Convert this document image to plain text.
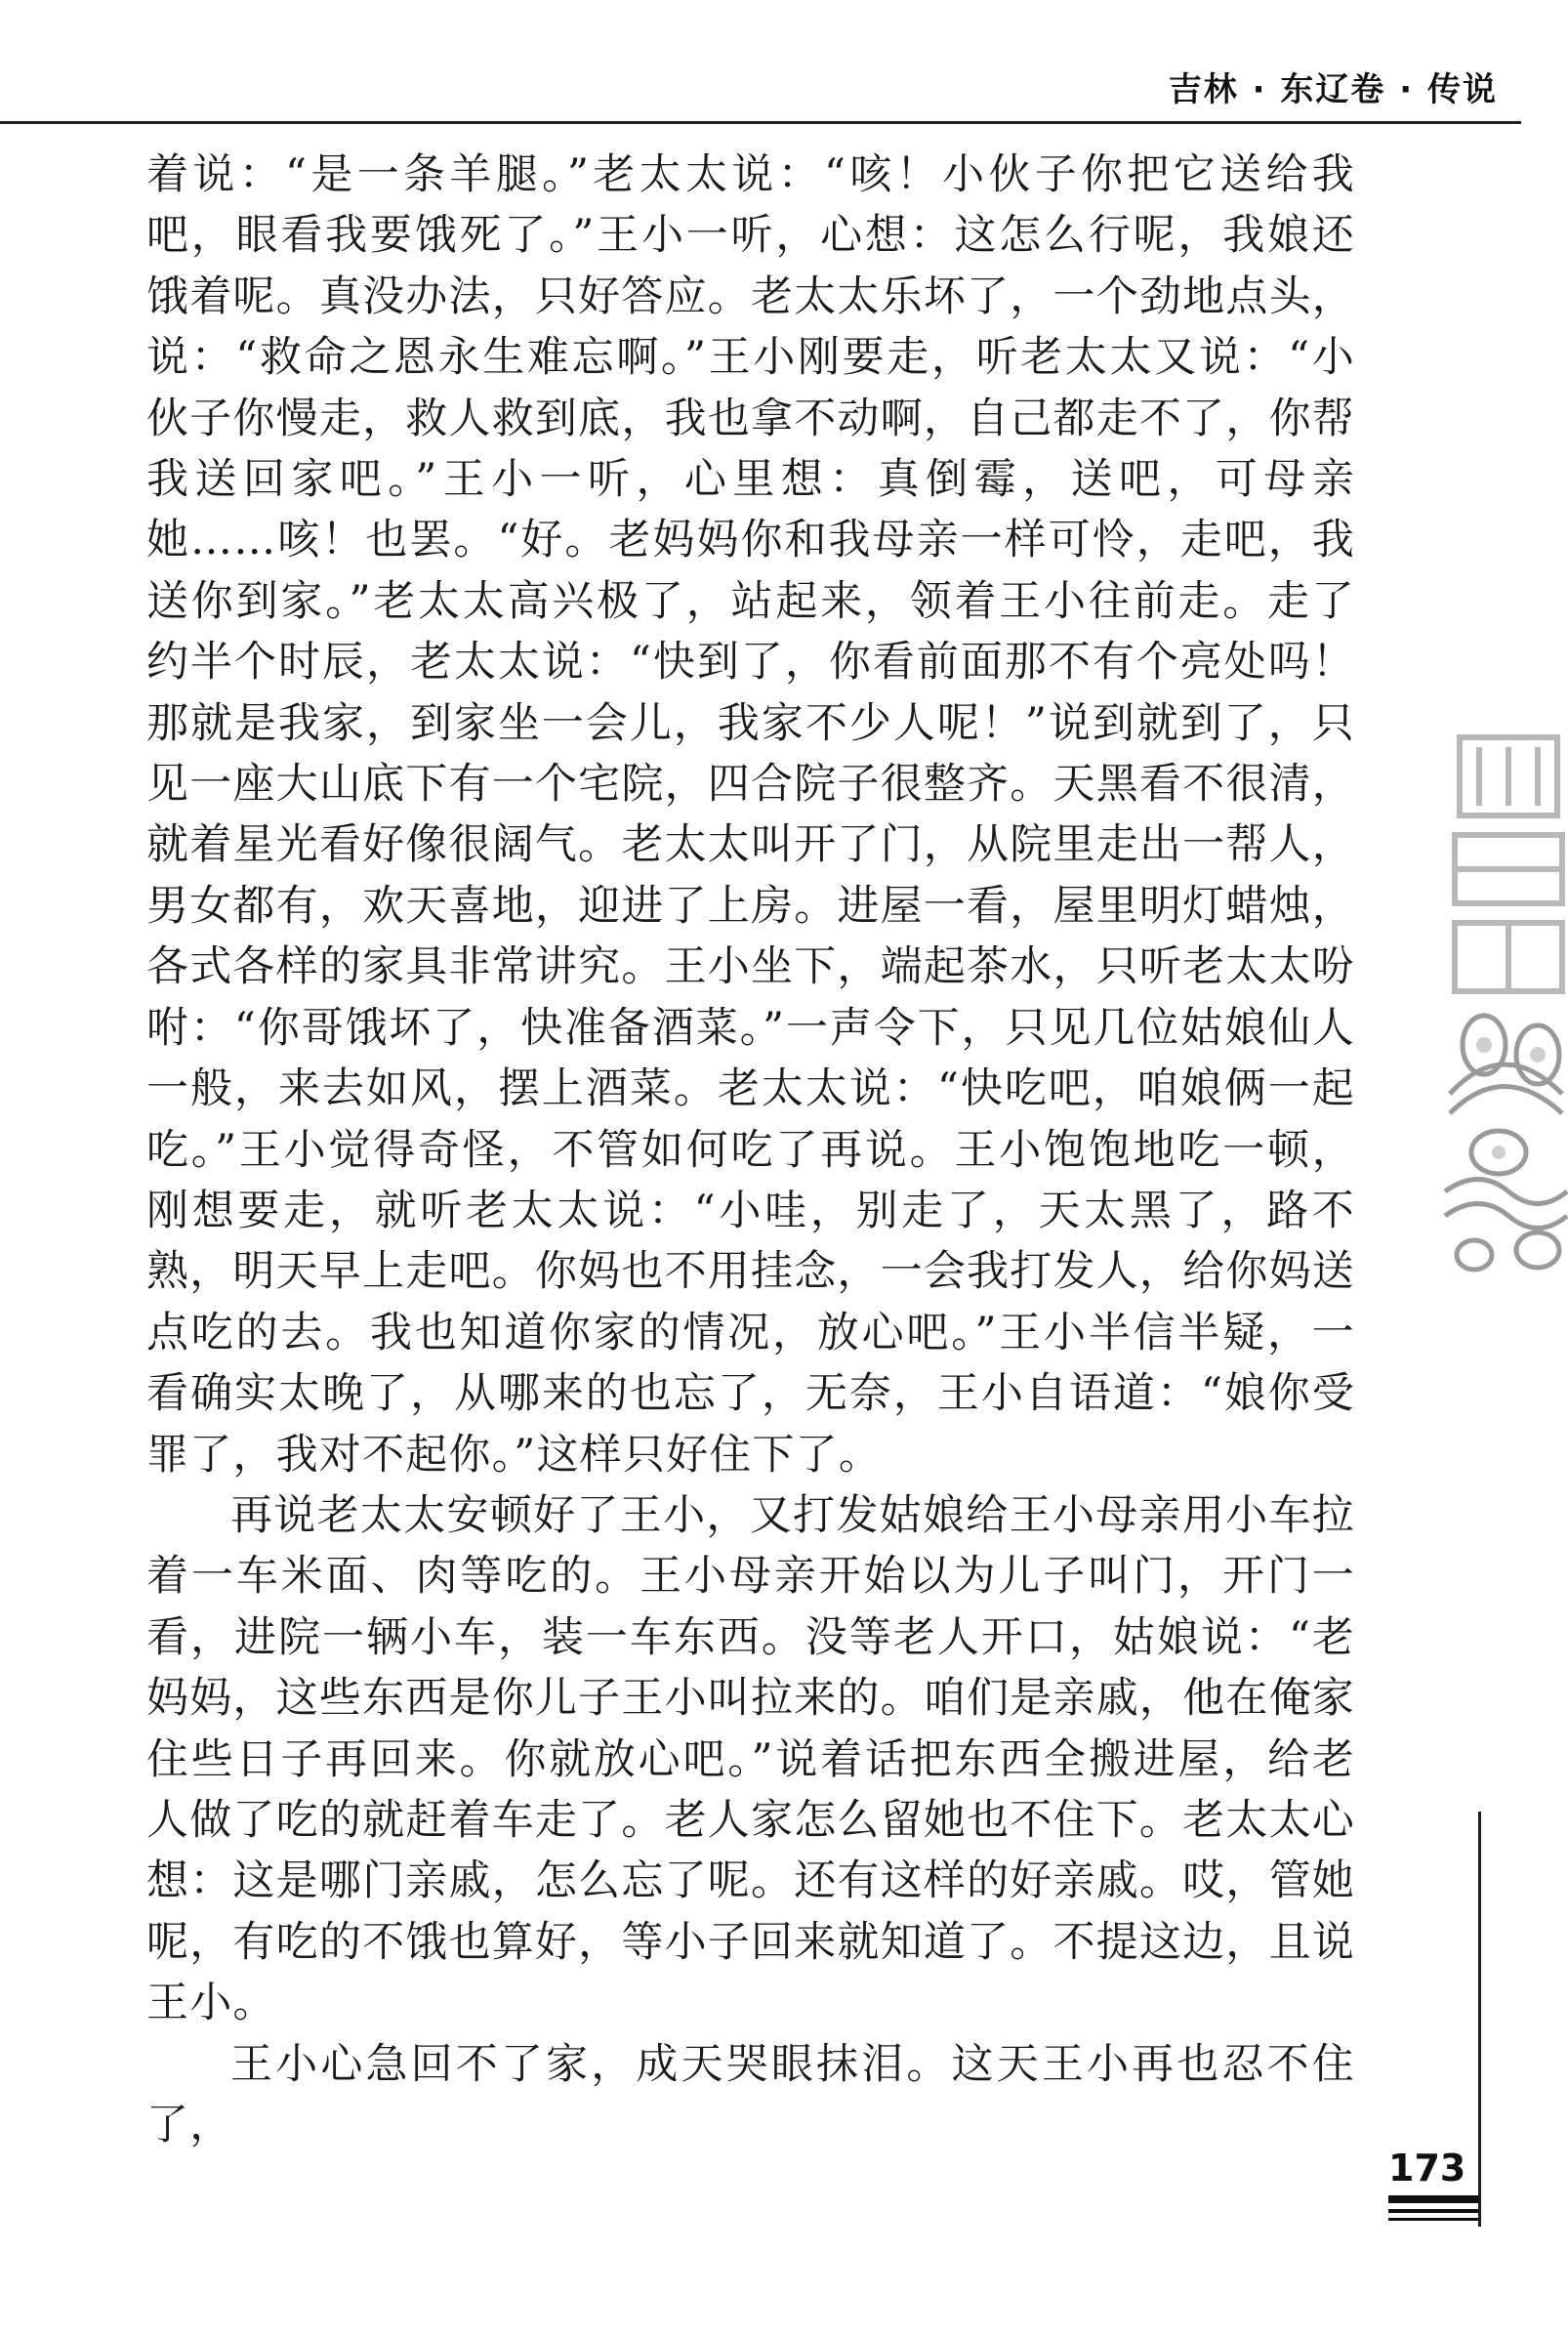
吉林 · 东辽卷 · 传说

着说：“是一条羊腿。”老太太说：“咳！小伙子你把它送给我吧，眼看我要饿死了。”王小一听，心想：这怎么行呢，我娘还饿着呢。真没办法，只好答应。老太太乐坏了，一个劲地点头，说：“救命之恩永生难忘啊。”王小刚要走，听老太太又说：“小伙子你慢走，救人救到底，我也拿不动啊，自己都走不了，你帮我送回家吧。”王小一听，心里想：真倒霉，送吧，可母亲她……咳！也罢。“好。老妈妈你和我母亲一样可怜，走吧，我送你到家。”老太太高兴极了，站起来，领着王小往前走。走了约半个时辰，老太太说：“快到了，你看前面那不有个亮处吗！那就是我家，到家坐一会儿，我家不少人呢！”说到就到了，只见一座大山底下有一个宅院，四合院子很整齐。天黑看不很清，就着星光看好像很阔气。老太太叫开了门，从院里走出一帮人，男女都有，欢天喜地，迎进了上房。进屋一看，屋里明灯蜡烛，各式各样的家具非常讲究。王小坐下，端起茶水，只听老太太吩咐：“你哥饿坏了，快准备酒菜。”一声令下，只见几位姑娘仙人一般，来去如风，摆上酒菜。老太太说：“快吃吧，咱娘俩一起吃。”王小觉得奇怪，不管如何吃了再说。王小饱饱地吃一顿，刚想要走，就听老太太说：“小哇，别走了，天太黑了，路不熟，明天早上走吧。你妈也不用挂念，一会我打发人，给你妈送点吃的去。我也知道你家的情况，放心吧。”王小半信半疑，一看确实太晚了，从哪来的也忘了，无奈，王小自语道：“娘你受罪了，我对不起你。”这样只好住下了。

再说老太太安顿好了王小，又打发姑娘给王小母亲用小车拉着一车米面、肉等吃的。王小母亲开始以为儿子叫门，开门一看，进院一辆小车，装一车东西。没等老人开口，姑娘说：“老妈妈，这些东西是你儿子王小叫拉来的。咱们是亲戚，他在俺家住些日子再回来。你就放心吧。”说着话把东西全搬进屋，给老人做了吃的就赶着车走了。老人家怎么留她也不住下。老太太心想：这是哪门亲戚，怎么忘了呢。还有这样的好亲戚。哎，管她呢，有吃的不饿也算好，等小子回来就知道了。不提这边，且说王小。

王小心急回不了家，成天哭眼抹泪。这天王小再也忍不住了，

173
